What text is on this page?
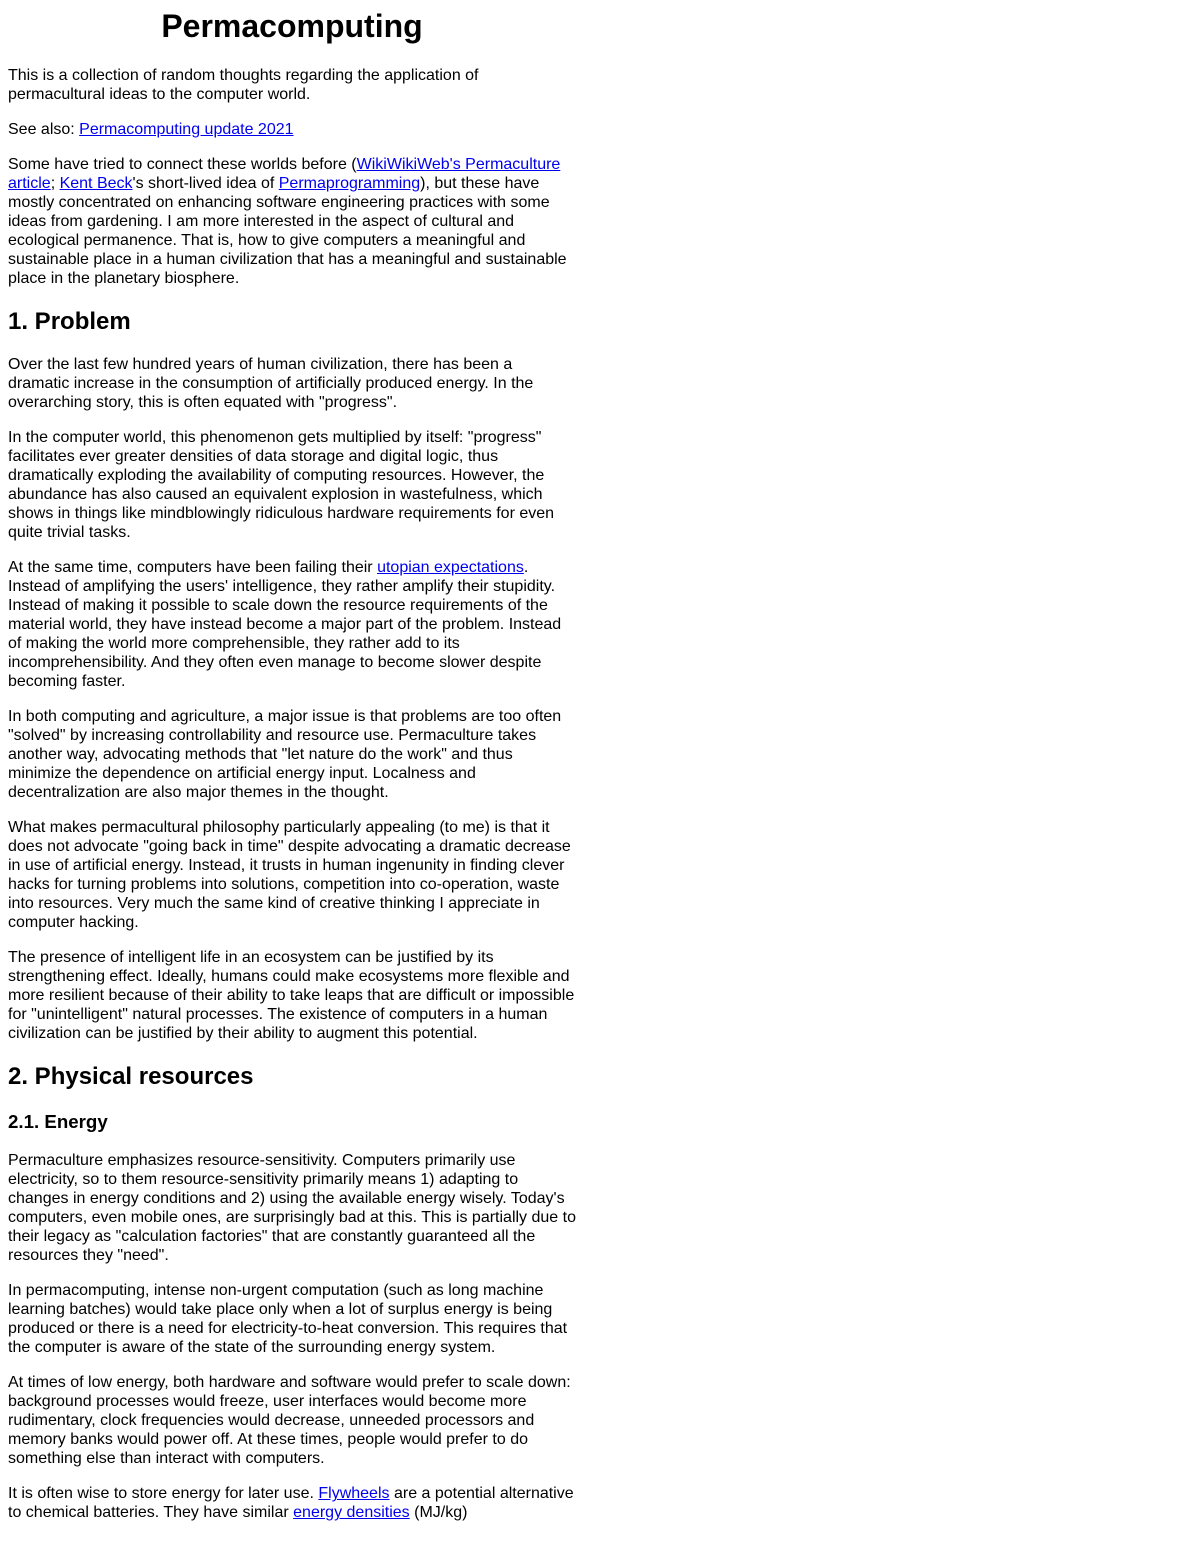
Permacomputing

This is a collection of random thoughts regarding the application of permacultural ideas to the computer world.

See also: Permacomputing update 2021

Some have tried to connect these worlds before (WikiWikiWeb's Permaculture article; Kent Beck's short-lived idea of Permaprogramming), but these have mostly concentrated on enhancing software engineering practices with some ideas from gardening. I am more interested in the aspect of cultural and ecological permanence. That is, how to give computers a meaningful and sustainable place in a human civilization that has a meaningful and sustainable place in the planetary biosphere.

1. Problem

Over the last few hundred years of human civilization, there has been a dramatic increase in the consumption of artificially produced energy. In the overarching story, this is often equated with "progress".

In the computer world, this phenomenon gets multiplied by itself: "progress" facilitates ever greater densities of data storage and digital logic, thus dramatically exploding the availability of computing resources. However, the abundance has also caused an equivalent explosion in wastefulness, which shows in things like mindblowingly ridiculous hardware requirements for even quite trivial tasks.

At the same time, computers have been failing their utopian expectations. Instead of amplifying the users' intelligence, they rather amplify their stupidity. Instead of making it possible to scale down the resource requirements of the material world, they have instead become a major part of the problem. Instead of making the world more comprehensible, they rather add to its incomprehensibility. And they often even manage to become slower despite becoming faster.

In both computing and agriculture, a major issue is that problems are too often "solved" by increasing controllability and resource use. Permaculture takes another way, advocating methods that "let nature do the work" and thus minimize the dependence on artificial energy input. Localness and decentralization are also major themes in the thought.

What makes permacultural philosophy particularly appealing (to me) is that it does not advocate "going back in time" despite advocating a dramatic decrease in use of artificial energy. Instead, it trusts in human ingenunity in finding clever hacks for turning problems into solutions, competition into co-operation, waste into resources. Very much the same kind of creative thinking I appreciate in computer hacking.

The presence of intelligent life in an ecosystem can be justified by its strengthening effect. Ideally, humans could make ecosystems more flexible and more resilient because of their ability to take leaps that are difficult or impossible for "unintelligent" natural processes. The existence of computers in a human civilization can be justified by their ability to augment this potential.

2. Physical resources
2.1. Energy

Permaculture emphasizes resource-sensitivity. Computers primarily use electricity, so to them resource-sensitivity primarily means 1) adapting to changes in energy conditions and 2) using the available energy wisely. Today's computers, even mobile ones, are surprisingly bad at this. This is partially due to their legacy as "calculation factories" that are constantly guaranteed all the resources they "need".

In permacomputing, intense non-urgent computation (such as long machine learning batches) would take place only when a lot of surplus energy is being produced or there is a need for electricity-to-heat conversion. This requires that the computer is aware of the state of the surrounding energy system.

At times of low energy, both hardware and software would prefer to scale down: background processes would freeze, user interfaces would become more rudimentary, clock frequencies would decrease, unneeded processors and memory banks would power off. At these times, people would prefer to do something else than interact with computers.

It is often wise to store energy for later use. Flywheels are a potential alternative to chemical batteries. They have similar energy densities (MJ/kg)
